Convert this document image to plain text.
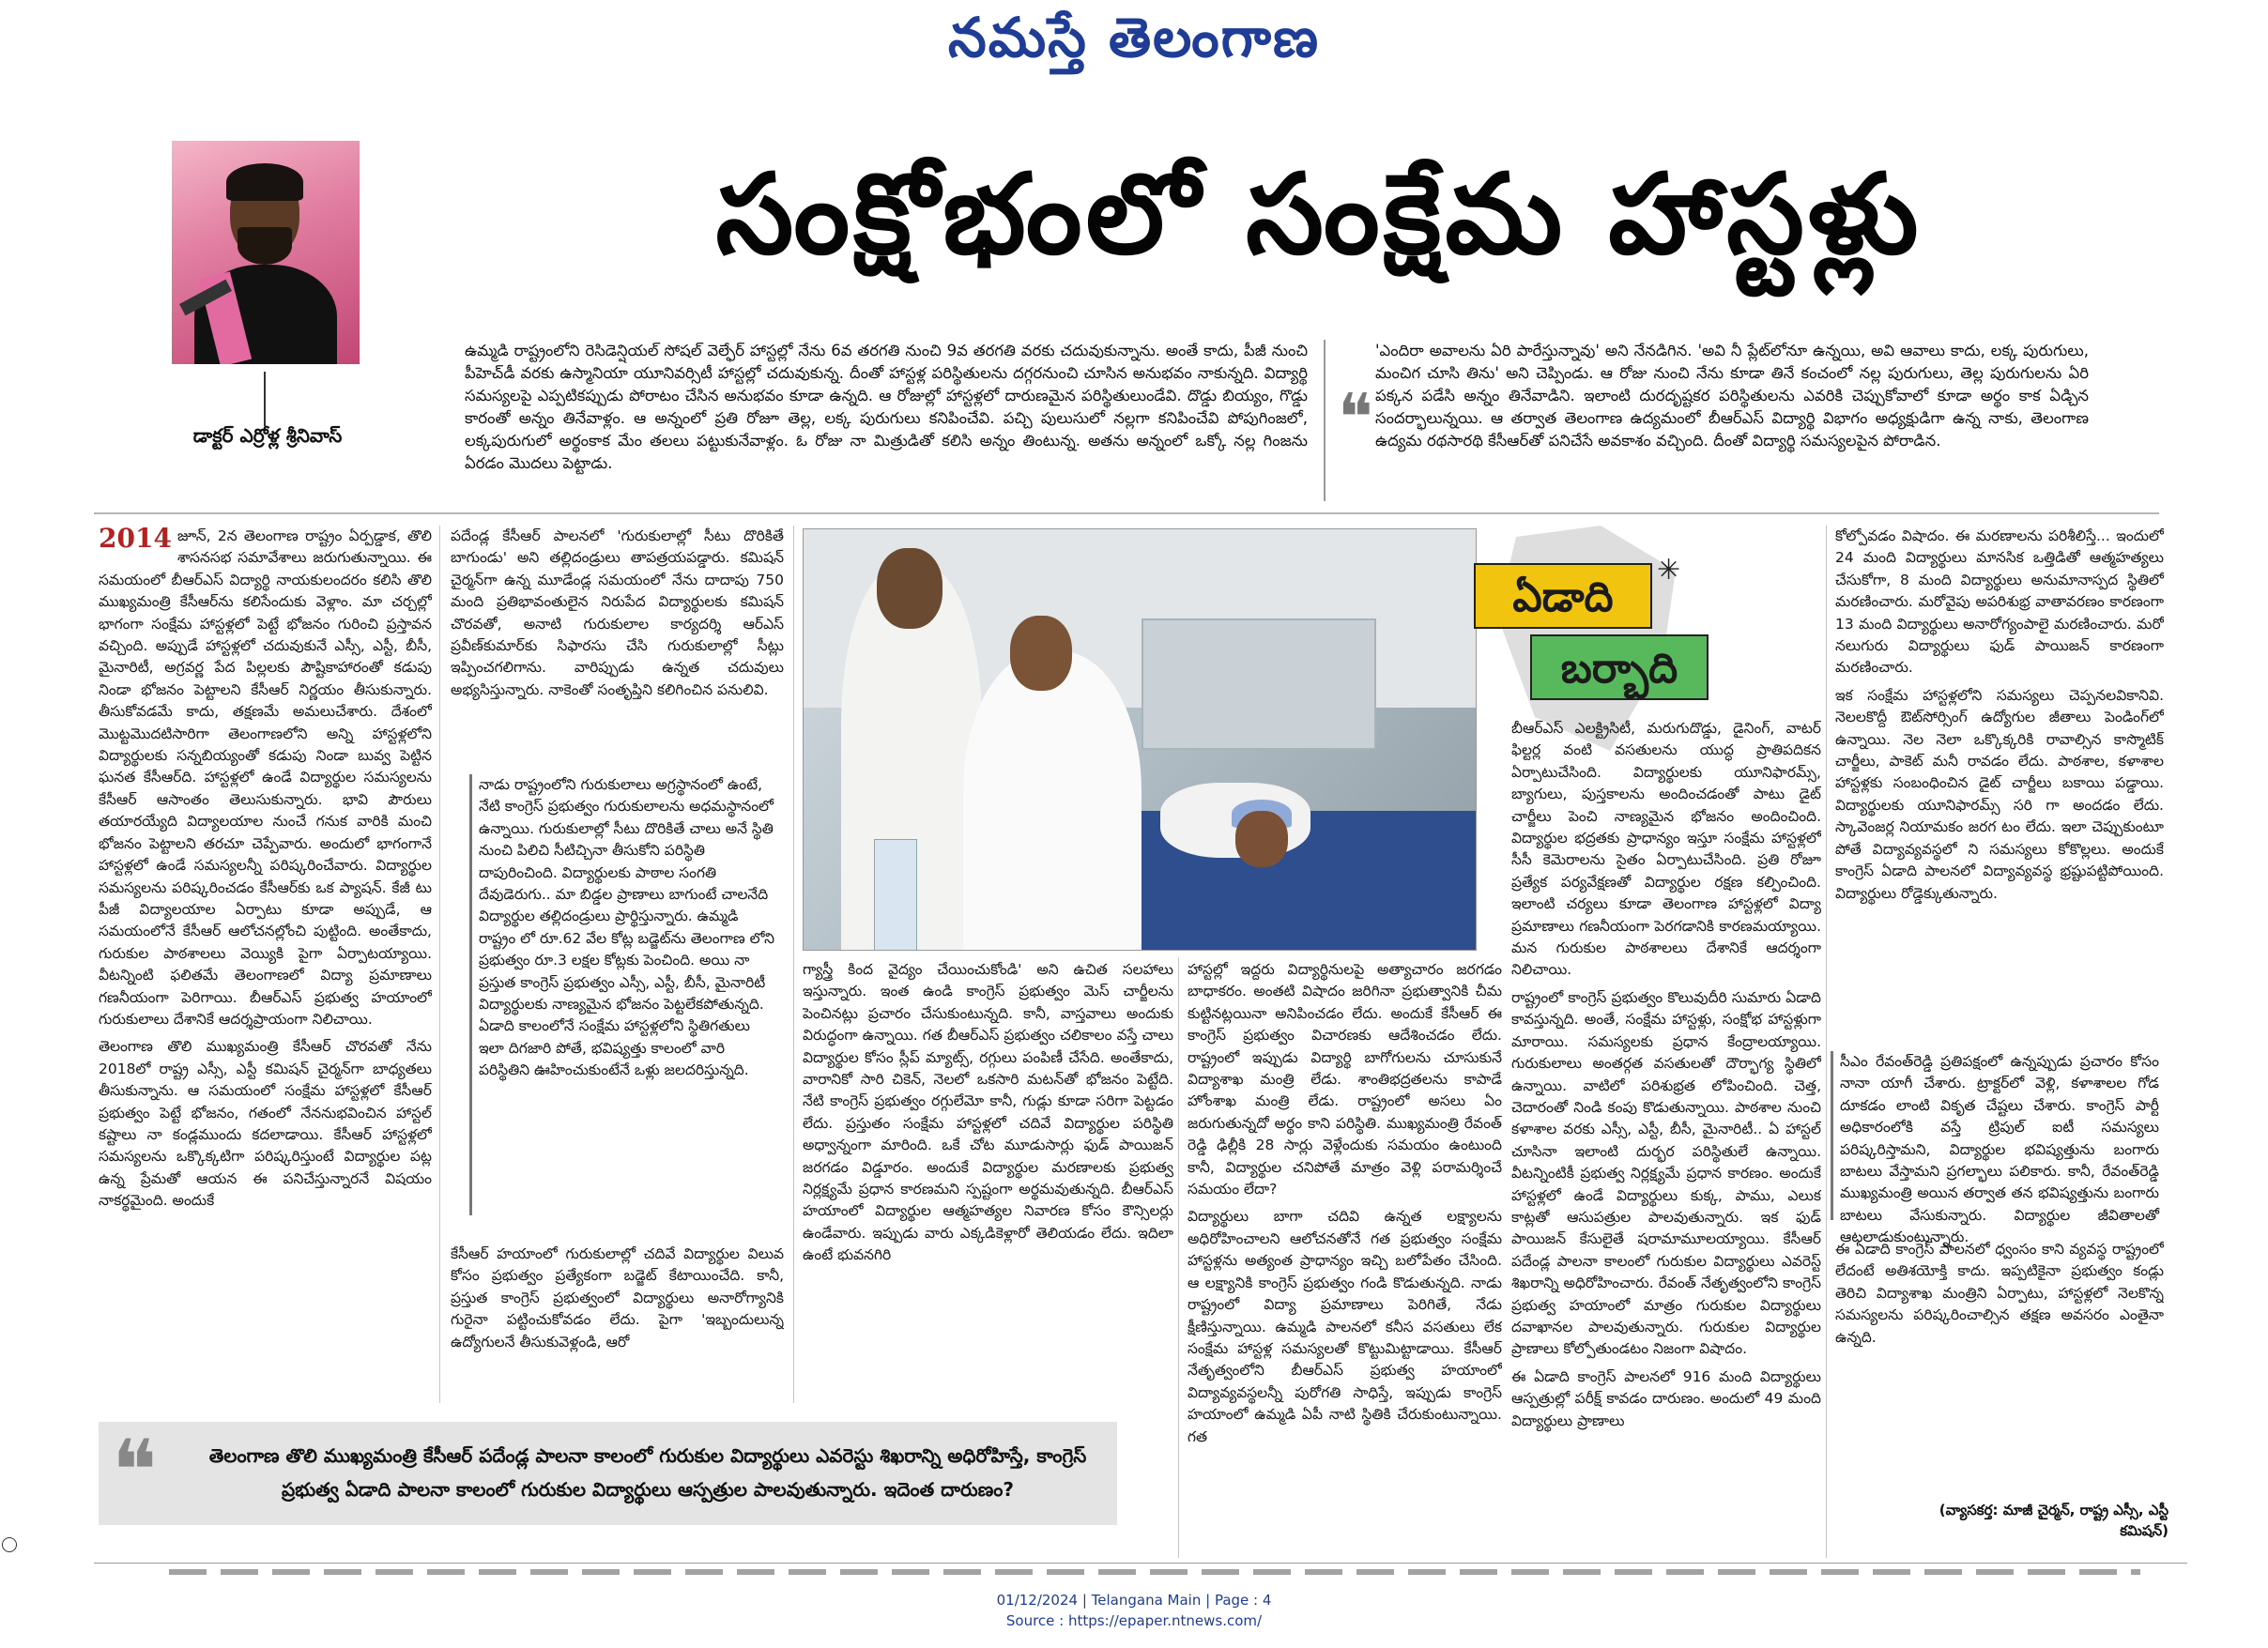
నమస్తే తెలంగాణ
డాక్టర్ ఎర్రోళ్ల శ్రీనివాస్
సంక్షోభంలో సంక్షేమ హాస్టళ్లు
ఉమ్మడి రాష్ట్రంలోని రెసిడెన్షియల్ సోషల్ వెల్ఫేర్ హాస్టల్లో నేను 6వ తరగతి నుంచి 9వ తరగతి వరకు చదువుకున్నాను. అంతే కాదు, పీజీ నుంచి పీహెచ్‌డీ వరకు ఉస్మానియా యూనివర్సిటీ హాస్టల్లో చదువుకున్న. దీంతో హాస్టళ్ల పరిస్థితులను దగ్గరనుంచి చూసిన అనుభవం నాకున్నది. విద్యార్థి సమస్యలపై ఎప్పటికప్పుడు పోరాటం చేసిన అనుభవం కూడా ఉన్నది. ఆ రోజుల్లో హాస్టళ్లలో దారుణమైన పరిస్థితులుండేవి. దొడ్డు బియ్యం, గొడ్డు కారంతో అన్నం తినేవాళ్లం. ఆ అన్నంలో ప్రతి రోజూ తెల్ల, లక్క పురుగులు కనిపించేవి. పచ్చి పులుసులో నల్లగా కనిపించేవి పోపుగింజలో, లక్కపురుగులో అర్థంకాక మేం తలలు పట్టుకునేవాళ్లం. ఓ రోజు నా మిత్రుడితో కలిసి అన్నం తింటున్న. అతను అన్నంలో ఒక్కో నల్ల గింజను ఏరడం మొదలు పెట్టాడు.
❝
'ఎందిరా అవాలను ఏరి పారేస్తున్నావు' అని నేనడిగిన. 'అవి నీ ప్లేట్‌లోనూ ఉన్నయి, అవి ఆవాలు కాదు, లక్క పురుగులు, మంచిగ చూసి తిను' అని చెప్పిండు. ఆ రోజు నుంచి నేను కూడా తినే కంచంలో నల్ల పురుగులు, తెల్ల పురుగులను ఏరి పక్కన పడేసి అన్నం తినేవాడిని. ఇలాంటి దురదృష్టకర పరిస్థితులను ఎవరికి చెప్పుకోవాలో కూడా అర్థం కాక ఏడ్చిన సందర్భాలున్నయి. ఆ తర్వాత తెలంగాణ ఉద్యమంలో బీఆర్‌ఎస్ విద్యార్థి విభాగం అధ్యక్షుడిగా ఉన్న నాకు, తెలంగాణ ఉద్యమ రథసారథి కేసీఆర్‌తో పనిచేసే అవకాశం వచ్చింది. దీంతో విద్యార్థి సమస్యలపైన పోరాడిన.

2014 జూన్, 2న తెలంగాణ రాష్ట్రం ఏర్పడ్డాక, తొలి శాసనసభ సమావేశాలు జరుగుతున్నాయి. ఈ సమయంలో బీఆర్‌ఎస్ విద్యార్థి నాయకులందరం కలిసి తొలి ముఖ్యమంత్రి కేసీఆర్‌ను కలిసేందుకు వెళ్లాం. మా చర్చల్లో భాగంగా సంక్షేమ హాస్టళ్లలో పెట్టే భోజనం గురించి ప్రస్తావన వచ్చింది. అప్పుడే హాస్టళ్లలో చదువుకునే ఎస్సీ, ఎస్టీ, బీసీ, మైనారిటీ, అగ్రవర్ణ పేద పిల్లలకు పౌష్టికాహారంతో కడుపు నిండా భోజనం పెట్టాలని కేసీఆర్ నిర్ణయం తీసుకున్నారు. తీసుకోవడమే కాదు, తక్షణమే అమలుచేశారు. దేశంలో మొట్టమొదటిసారిగా తెలంగాణలోని అన్ని హాస్టళ్లలోని విద్యార్థులకు సన్నబియ్యంతో కడుపు నిండా బువ్వ పెట్టిన ఘనత కేసీఆర్‌ది. హాస్టళ్లలో ఉండే విద్యార్థుల సమస్యలను కేసీఆర్ ఆసాంతం తెలుసుకున్నారు. భావి పౌరులు తయారయ్యేది విద్యాలయాల నుంచే గనుక వారికి మంచి భోజనం పెట్టాలని తరచూ చెప్పేవారు. అందులో భాగంగానే హాస్టళ్లలో ఉండే సమస్యలన్నీ పరిష్కరించేవారు. విద్యార్థుల సమస్యలను పరిష్కరించడం కేసీఆర్‌కు ఒక ప్యాషన్. కేజీ టు పీజీ విద్యాలయాల ఏర్పాటు కూడా అప్పుడే, ఆ సమయంలోనే కేసీఆర్ ఆలోచనల్లోంచి పుట్టింది. అంతేకాదు, గురుకుల పాఠశాలలు వెయ్యికి పైగా ఏర్పాటయ్యాయి. వీటన్నింటి ఫలితమే తెలంగాణలో విద్యా ప్రమాణాలు గణనీయంగా పెరిగాయి. బీఆర్‌ఎస్ ప్రభుత్వ హయాంలో గురుకులాలు దేశానికే ఆదర్శప్రాయంగా నిలిచాయి.

తెలంగాణ తొలి ముఖ్యమంత్రి కేసీఆర్ చొరవతో నేను 2018లో రాష్ట్ర ఎస్సీ, ఎస్టీ కమిషన్ చైర్మన్‌గా బాధ్యతలు తీసుకున్నాను. ఆ సమయంలో సంక్షేమ హాస్టళ్లలో కేసీఆర్ ప్రభుత్వం పెట్టే భోజనం, గతంలో నేననుభవించిన హాస్టల్ కష్టాలు నా కండ్లముందు కదలాడాయి. కేసీఆర్ హాస్టళ్లలో సమస్యలను ఒక్కొక్కటిగా పరిష్కరిస్తుంటే విద్యార్థుల పట్ల ఉన్న ప్రేమతో ఆయన ఈ పనిచేస్తున్నారనే విషయం నాకర్థమైంది. అందుకే

పదేండ్ల కేసీఆర్ పాలనలో 'గురుకులాల్లో సీటు దొరికితే బాగుండు' అని తల్లిదండ్రులు తాపత్రయపడ్డారు. కమిషన్ చైర్మన్‌గా ఉన్న మూడేండ్ల సమయంలో నేను దాదాపు 750 మంది ప్రతిభావంతులైన నిరుపేద విద్యార్థులకు కమిషన్ చొరవతో, అనాటి గురుకులాల కార్యదర్శి ఆర్‌ఎస్ ప్రవీణ్‌కుమార్‌కు సిఫారసు చేసి గురుకులాల్లో సీట్లు ఇప్పించగలిగాను. వారిప్పుడు ఉన్నత చదువులు అభ్యసిస్తున్నారు. నాకెంతో సంతృప్తిని కలిగించిన పనులివి.

నాడు రాష్ట్రంలోని గురుకులాలు అగ్రస్థానంలో ఉంటే, నేటి కాంగ్రెస్ ప్రభుత్వం గురుకులాలను అధమస్థానంలో ఉన్నాయి. గురుకులాల్లో సీటు దొరికితే చాలు అనే స్థితి నుంచి పిలిచి సీటిచ్చినా తీసుకోని పరిస్థితి దాపురించింది. విద్యార్థులకు పాఠాల సంగతి దేవుడెరుగు.. మా బిడ్డల ప్రాణాలు బాగుంటే చాలనేది విద్యార్థుల తల్లిదండ్రులు ప్రార్థిస్తున్నారు. ఉమ్మడి రాష్ట్రం లో రూ.62 వేల కోట్ల బడ్జెట్‌ను తెలంగాణ లోని ప్రభుత్వం రూ.3 లక్షల కోట్లకు పెంచింది. అయి నా ప్రస్తుత కాంగ్రెస్ ప్రభుత్వం ఎస్సీ, ఎస్టీ, బీసీ, మైనారిటీ విద్యార్థులకు నాణ్యమైన భోజనం పెట్టలేకపోతున్నది. ఏడాది కాలంలోనే సంక్షేమ హాస్టళ్లలోని స్థితిగతులు ఇలా దిగజారి పోతే, భవిష్యత్తు కాలంలో వారి పరిస్థితిని ఊహించుకుంటేనే ఒళ్లు జలదరిస్తున్నది.

కేసీఆర్ హయాంలో గురుకులాల్లో చదివే విద్యార్థుల విలువ కోసం ప్రభుత్వం ప్రత్యేకంగా బడ్జెట్ కేటాయించేది. కానీ, ప్రస్తుత కాంగ్రెస్ ప్రభుత్వంలో విద్యార్థులు అనారోగ్యానికి గురైనా పట్టించుకోవడం లేదు. పైగా 'ఇబ్బందులున్న ఉద్యోగులనే తీసుకువెళ్లండి, ఆరో

గ్యాస్త్రీ కింద వైద్యం చేయించుకోండి' అని ఉచిత సలహాలు ఇస్తున్నారు. ఇంత ఉండి కాంగ్రెస్ ప్రభుత్వం మెస్ చార్జీలను పెంచినట్లు ప్రచారం చేసుకుంటున్నది. కానీ, వాస్తవాలు అందుకు విరుద్ధంగా ఉన్నాయి. గత బీఆర్‌ఎస్ ప్రభుత్వం చలికాలం వస్తే చాలు విద్యార్థుల కోసం స్లీప్ మ్యాట్స్, రగ్గులు పంపిణీ చేసేది. అంతేకాదు, వారానికో సారి చికెన్, నెలలో ఒకసారి మటన్‌తో భోజనం పెట్టేది. నేటి కాంగ్రెస్ ప్రభుత్వం రగ్గులేమో కానీ, గుడ్లు కూడా సరిగా పెట్టడం లేదు. ప్రస్తుతం సంక్షేమ హాస్టళ్లలో చదివే విద్యార్థుల పరిస్థితి అధ్వాన్నంగా మారింది. ఒకే చోట మూడుసార్లు ఫుడ్ పాయిజన్ జరగడం విడ్డూరం. అందుకే విద్యార్థుల మరణాలకు ప్రభుత్వ నిర్లక్ష్యమే ప్రధాన కారణమని స్పష్టంగా అర్థమవుతున్నది. బీఆర్‌ఎస్ హయాంలో విద్యార్థుల ఆత్మహత్యల నివారణ కోసం కౌన్సిలర్లు ఉండేవారు. ఇప్పుడు వారు ఎక్కడికెళ్లారో తెలియడం లేదు. ఇదిలా ఉంటే భువనగిరి

హాస్టల్లో ఇద్దరు విద్యార్థినులపై అత్యాచారం జరగడం బాధాకరం. అంతటి విషాదం జరిగినా ప్రభుత్వానికి చీమ కుట్టినట్లయినా అనిపించడం లేదు. అందుకే కేసీఆర్ ఈ కాంగ్రెస్ ప్రభుత్వం విచారణకు ఆదేశించడం లేదు. రాష్ట్రంలో ఇప్పుడు విద్యార్థి బాగోగులను చూసుకునే విద్యాశాఖ మంత్రి లేడు. శాంతిభద్రతలను కాపాడే హోంశాఖ మంత్రి లేడు. రాష్ట్రంలో అసలు ఏం జరుగుతున్నదో అర్థం కాని పరిస్థితి. ముఖ్యమంత్రి రేవంత్ రెడ్డి ఢిల్లీకి 28 సార్లు వెళ్లేందుకు సమయం ఉంటుంది కానీ, విద్యార్థుల చనిపోతే మాత్రం వెళ్లి పరామర్శించే సమయం లేదా?

విద్యార్థులు బాగా చదివి ఉన్నత లక్ష్యాలను అధిరోహించాలని ఆలోచనతోనే గత ప్రభుత్వం సంక్షేమ హాస్టళ్లను అత్యంత ప్రాధాన్యం ఇచ్చి బలోపేతం చేసింది. ఆ లక్ష్యానికి కాంగ్రెస్ ప్రభుత్వం గండి కొడుతున్నది. నాడు రాష్ట్రంలో విద్యా ప్రమాణాలు పెరిగితే, నేడు క్షీణిస్తున్నాయి. ఉమ్మడి పాలనలో కనీస వసతులు లేక సంక్షేమ హాస్టళ్ల సమస్యలతో కొట్టుమిట్టాడాయి. కేసీఆర్ నేతృత్వంలోని బీఆర్‌ఎస్ ప్రభుత్వ హయాంలో విద్యావ్యవస్థలన్నీ పురోగతి సాధిస్తే, ఇప్పుడు కాంగ్రెస్ హయాంలో ఉమ్మడి ఏపీ నాటి స్థితికి చేరుకుంటున్నాయి. గత

ఏడాది
బర్బాది
✳

బీఆర్‌ఎస్ ఎలక్ట్రిసిటీ, మరుగుదొడ్డు, డైనింగ్, వాటర్ ఫిల్టర్ల వంటి వసతులను యుద్ధ ప్రాతిపదికన ఏర్పాటుచేసింది. విద్యార్థులకు యూనిఫారమ్స్, బ్యాగులు, పుస్తకాలను అందించడంతో పాటు డైట్ చార్జీలు పెంచి నాణ్యమైన భోజనం అందించింది. విద్యార్థుల భద్రతకు ప్రాధాన్యం ఇస్తూ సంక్షేమ హాస్టళ్లలో సీసీ కెమెరాలను సైతం ఏర్పాటుచేసింది. ప్రతి రోజూ ప్రత్యేక పర్యవేక్షణతో విద్యార్థుల రక్షణ కల్పించింది. ఇలాంటి చర్యలు కూడా తెలంగాణ హాస్టళ్లలో విద్యా ప్రమాణాలు గణనీయంగా పెరగడానికి కారణమయ్యాయి. మన గురుకుల పాఠశాలలు దేశానికే ఆదర్శంగా నిలిచాయి.

రాష్ట్రంలో కాంగ్రెస్ ప్రభుత్వం కొలువుదీరి సుమారు ఏడాది కావస్తున్నది. అంతే, సంక్షేమ హాస్టళ్లు, సంక్షోభ హాస్టళ్లుగా మారాయి. సమస్యలకు ప్రధాన కేంద్రాలయ్యాయి. గురుకులాలు అంతర్గత వసతులతో దౌర్భాగ్య స్థితిలో ఉన్నాయి. వాటిలో పరిశుభ్రత లోపించింది. చెత్త, చెదారంతో నిండి కంపు కొడుతున్నాయి. పాఠశాల నుంచి కళాశాల వరకు ఎస్సీ, ఎస్టీ, బీసీ, మైనారిటీ.. ఏ హాస్టల్ చూసినా ఇలాంటి దుర్భర పరిస్థితులే ఉన్నాయి. వీటన్నింటికీ ప్రభుత్వ నిర్లక్ష్యమే ప్రధాన కారణం. అందుకే హాస్టళ్లలో ఉండే విద్యార్థులు కుక్క, పాము, ఎలుక కాట్లతో ఆసుపత్రుల పాలవుతున్నారు. ఇక ఫుడ్ పాయిజన్ కేసులైతే షరామామూలయ్యాయి. కేసీఆర్ పదేండ్ల పాలనా కాలంలో గురుకుల విద్యార్థులు ఎవరెస్ట్ శిఖరాన్ని అధిరోహించారు. రేవంత్ నేతృత్వంలోని కాంగ్రెస్ ప్రభుత్వ హయాంలో మాత్రం గురుకుల విద్యార్థులు దవాఖానల పాలవుతున్నారు. గురుకుల విద్యార్థుల ప్రాణాలు కోల్పోతుండటం నిజంగా విషాదం.

ఈ ఏడాది కాంగ్రెస్ పాలనలో 916 మంది విద్యార్థులు ఆస్పత్రుల్లో పరీక్ష్ కావడం దారుణం. అందులో 49 మంది విద్యార్థులు ప్రాణాలు

కోల్పోవడం విషాదం. ఈ మరణాలను పరిశీలిస్తే... ఇందులో 24 మంది విద్యార్థులు మానసిక ఒత్తిడితో ఆత్మహత్యలు చేసుకోగా, 8 మంది విద్యార్థులు అనుమానాస్పద స్థితిలో మరణించారు. మరోవైపు అపరిశుభ్ర వాతావరణం కారణంగా 13 మంది విద్యార్థులు అనారోగ్యంపాలై మరణించారు. మరో నలుగురు విద్యార్థులు ఫుడ్ పాయిజన్ కారణంగా మరణించారు.

ఇక సంక్షేమ హాస్టళ్లలోని సమస్యలు చెప్పనలవికానివి. నెలలకొద్దీ ఔట్‌సోర్సింగ్ ఉద్యోగుల జీతాలు పెండింగ్‌లో ఉన్నాయి. నెల నెలా ఒక్కొక్కరికి రావాల్సిన కాస్మొటిక్ చార్జీలు, పాకెట్ మనీ రావడం లేదు. పాఠశాల, కళాశాల హాస్టళ్లకు సంబంధించిన డైట్ చార్జీలు బకాయి పడ్డాయి. విద్యార్థులకు యూనిఫారమ్స్ సరి గా అందడం లేదు. స్కావెంజర్ల నియామకం జరగ టం లేదు. ఇలా చెప్పుకుంటూ పోతే విద్యావ్యవస్థలో ని సమస్యలు కోకొల్లలు. అందుకే కాంగ్రెస్ ఏడాది పాలనలో విద్యావ్యవస్థ భ్రష్టుపట్టిపోయింది. విద్యార్థులు రోడ్డెక్కుతున్నారు.

సీఎం రేవంత్‌రెడ్డి ప్రతిపక్షంలో ఉన్నప్పుడు ప్రచారం కోసం నానా యాగీ చేశారు. ట్రాక్టర్‌లో వెళ్లి, కళాశాలల గోడ దూకడం లాంటి వికృత చేష్టలు చేశారు. కాంగ్రెస్ పార్టీ అధికారంలోకి వస్తే ట్రిపుల్ ఐటీ సమస్యలు పరిష్కరిస్తామని, విద్యార్థుల భవిష్యత్తును బంగారు బాటలు వేస్తామని ప్రగల్భాలు పలికారు. కానీ, రేవంత్‌రెడ్డి ముఖ్యమంత్రి అయిన తర్వాత తన భవిష్యత్తును బంగారు బాటలు వేసుకున్నారు. విద్యార్థుల జీవితాలతో ఆటలాడుకుంటున్నారు.

ఈ ఏడాది కాంగ్రెస్ పాలనలో ధ్వంసం కాని వ్యవస్థ రాష్ట్రంలో లేదంటే అతిశయోక్తి కాదు. ఇప్పటికైనా ప్రభుత్వం కండ్లు తెరిచి విద్యాశాఖ మంత్రిని ఏర్పాటు, హాస్టళ్లలో నెలకొన్న సమస్యలను పరిష్కరించాల్సిన తక్షణ అవసరం ఎంతైనా ఉన్నది.

(వ్యాసకర్త: మాజీ చైర్మన్, రాష్ట్ర ఎస్సీ, ఎస్టీ కమిషన్)
❝	తెలంగాణ తొలి ముఖ్యమంత్రి కేసీఆర్ పదేండ్ల పాలనా కాలంలో గురుకుల విద్యార్థులు ఎవరెస్టు శిఖరాన్ని అధిరోహిస్తే, కాంగ్రెస్ ప్రభుత్వ ఏడాది పాలనా కాలంలో గురుకుల విద్యార్థులు ఆస్పత్రుల పాలవుతున్నారు. ఇదెంత దారుణం?
01/12/2024 | Telangana Main | Page : 4
Source : https://epaper.ntnews.com/
